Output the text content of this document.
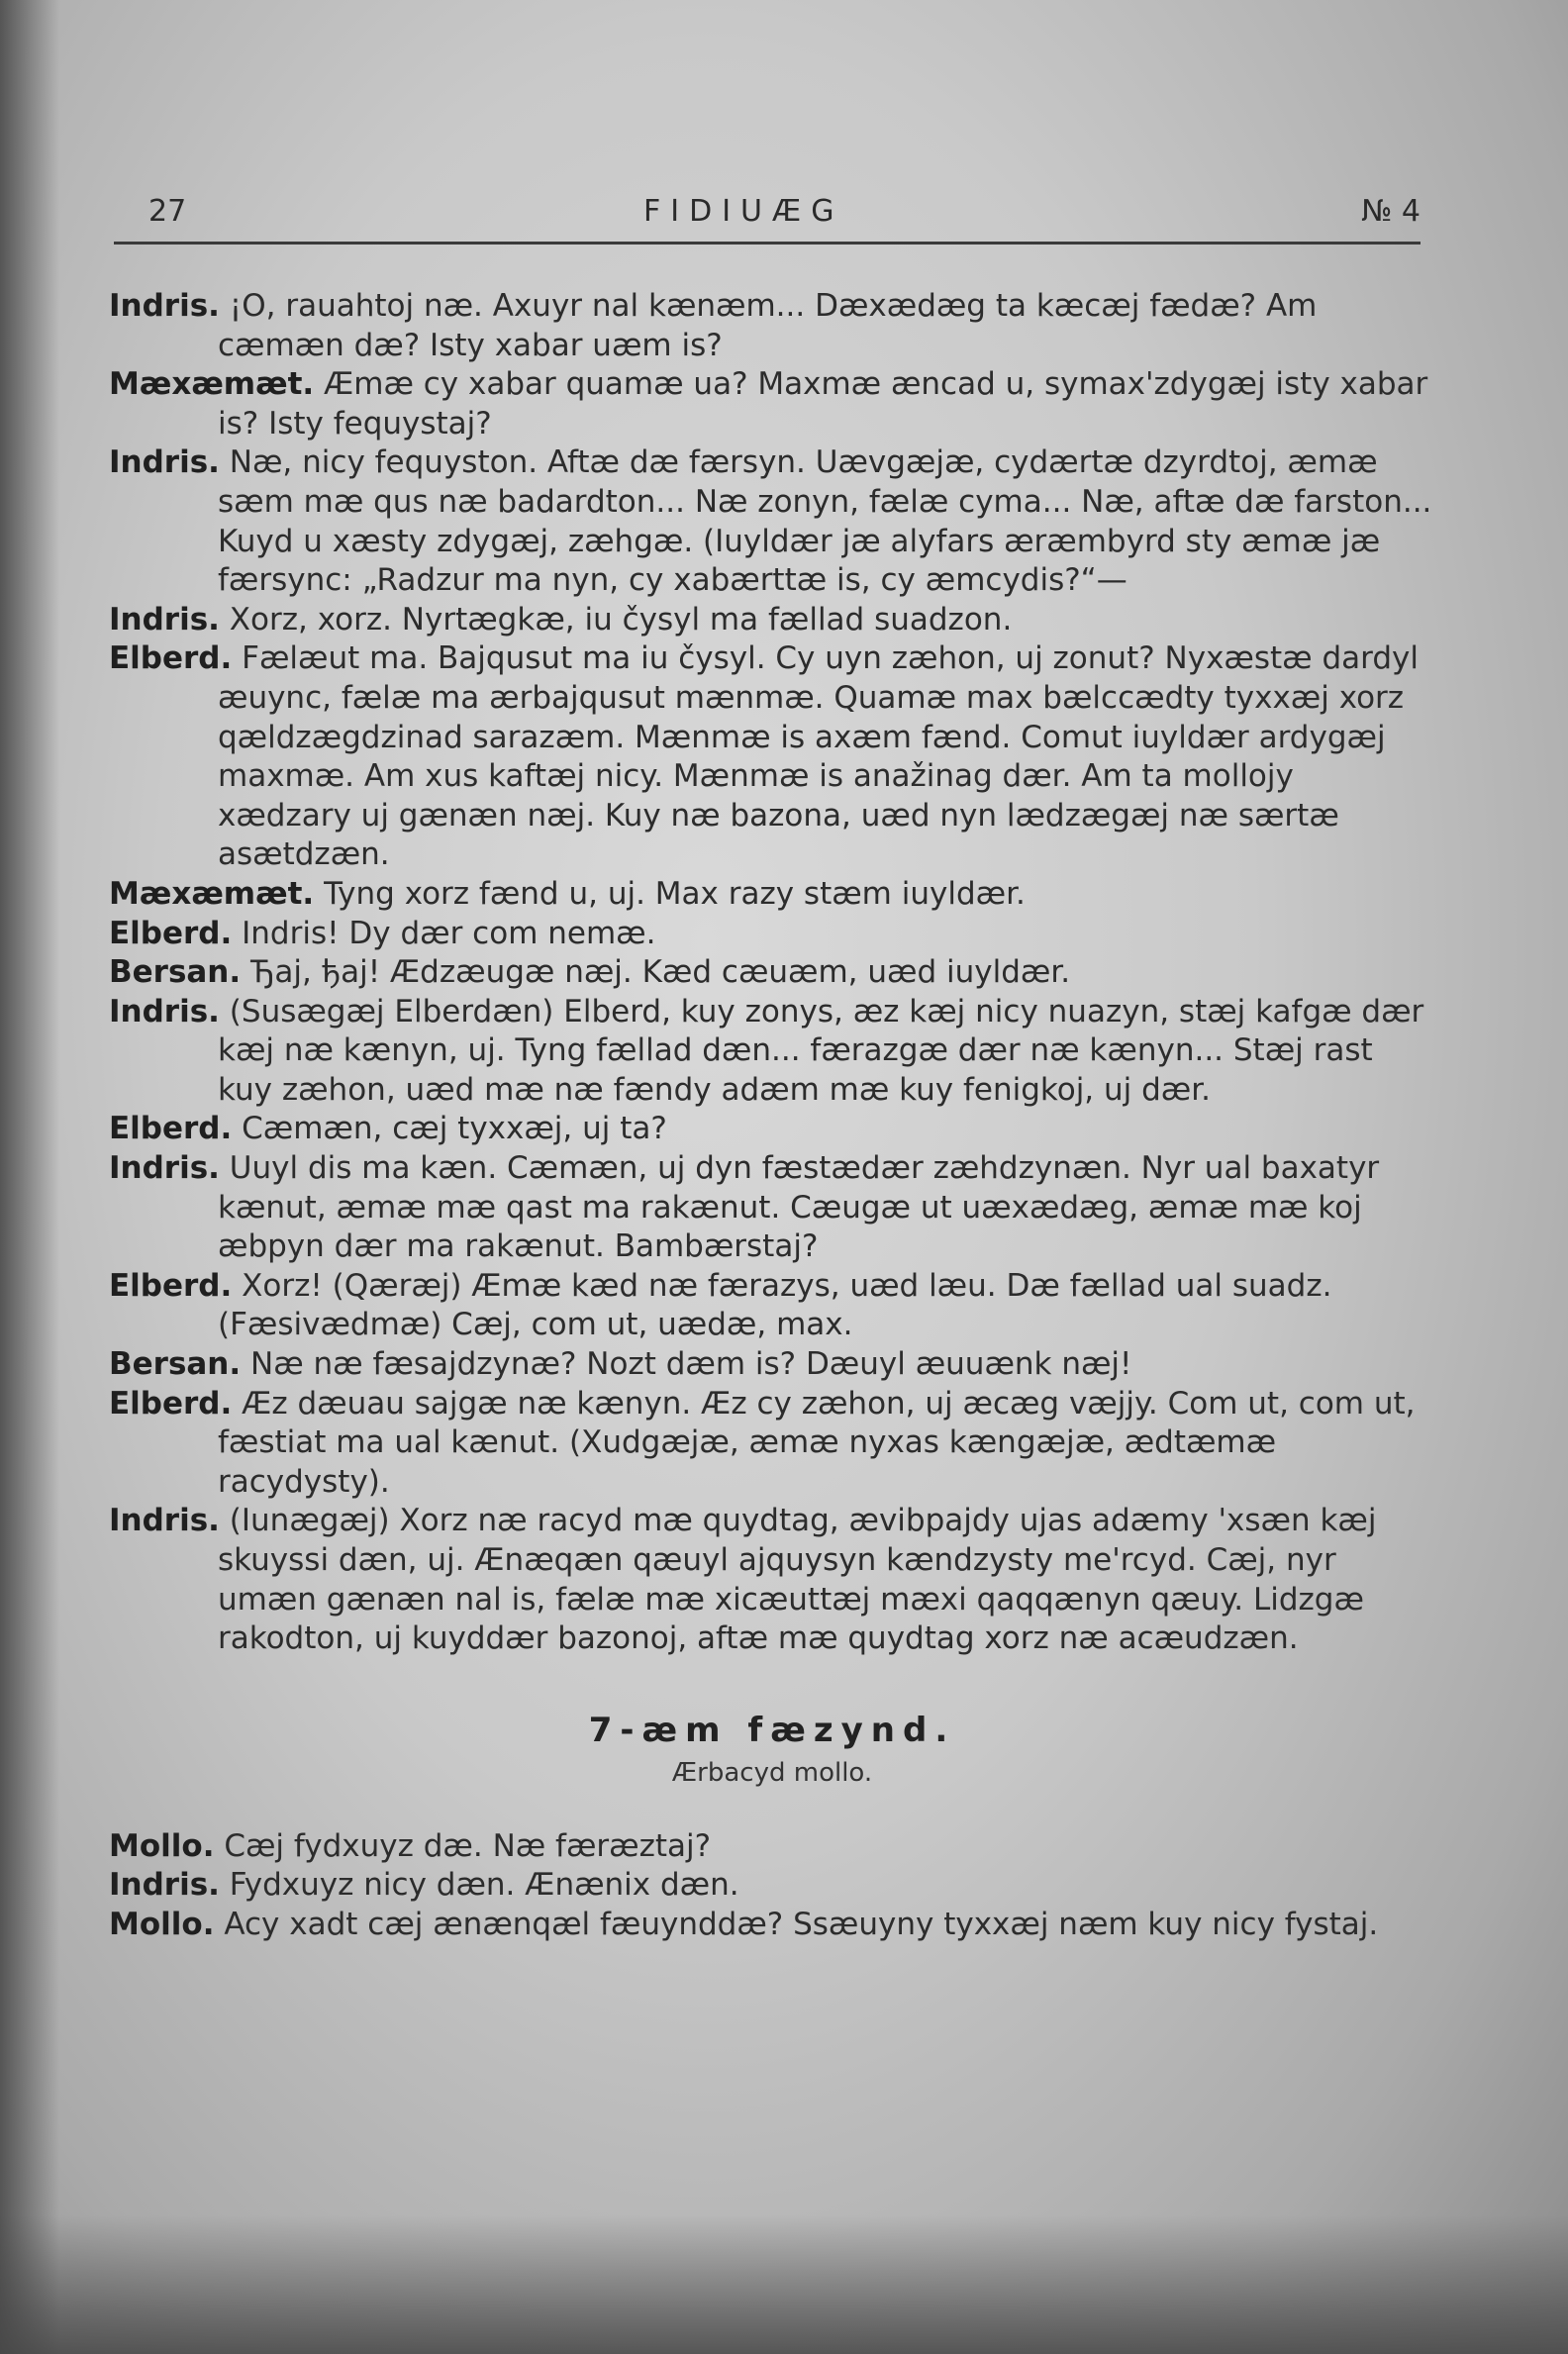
27	FIDIUÆG	№ 4
Indris. ¡O, rauahtoj næ. Axuyr nal kænæm... Dæxædæg ta kæcæj fædæ? Am cæmæn dæ? Isty xabar uæm is?
Mæxæmæt. Æmæ cy xabar quamæ ua? Maxmæ æncad u, symax'zdygæj isty xabar is? Isty fequystaj?
Indris. Næ, nicy fequyston. Aftæ dæ færsyn. Uævgæjæ, cydærtæ dzyrdtoj, æmæ sæm mæ qus næ badardton... Næ zonyn, fælæ cyma... Næ, aftæ dæ farston... Kuyd u xæsty zdygæj, zæhgæ. (Iuyldær jæ alyfars æræmbyrd sty æmæ jæ færsync: „Radzur ma nyn, cy xabærttæ is, cy æmcydis?“—
Indris. Xorz, xorz. Nyrtægkæ, iu čysyl ma fællad suadzon.
Elberd. Fælæut ma. Bajqusut ma iu čysyl. Cy uyn zæhon, uj zonut? Nyxæstæ dardyl æuync, fælæ ma ærbajqusut mænmæ. Quamæ max bælccædty tyxxæj xorz qældzægdzinad sarazæm. Mænmæ is axæm fænd. Comut iuyldær ardygæj maxmæ. Am xus kaftæj nicy. Mænmæ is anažinag dær. Am ta mollojy xædzary uj gænæn næj. Kuy næ bazona, uæd nyn lædzægæj næ særtæ asætdzæn.
Mæxæmæt. Tyng xorz fænd u, uj. Max razy stæm iuyldær.
Elberd. Indris! Dy dær com nemæ.
Bersan. Ђaj, ђaj! Ædzæugæ næj. Kæd cæuæm, uæd iuyldær.
Indris. (Susægæj Elberdæn) Elberd, kuy zonys, æz kæj nicy nuazyn, stæj kafgæ dær kæj næ kænyn, uj. Tyng fællad dæn... færazgæ dær næ kænyn... Stæj rast kuy zæhon, uæd mæ næ fændy adæm mæ kuy fenigkoj, uj dær.
Elberd. Cæmæn, cæj tyxxæj, uj ta?
Indris. Uuyl dis ma kæn. Cæmæn, uj dyn fæstædær zæhdzynæn. Nyr ual baxatyr kænut, æmæ mæ qast ma rakænut. Cæugæ ut uæxædæg, æmæ mæ koj æbpyn dær ma rakænut. Bambærstaj?
Elberd. Xorz! (Qæræj) Æmæ kæd næ færazys, uæd læu. Dæ fællad ual suadz. (Fæsivædmæ) Cæj, com ut, uædæ, max.
Bersan. Næ næ fæsajdzynæ? Nozt dæm is? Dæuyl æuuænk næj!
Elberd. Æz dæuau sajgæ næ kænyn. Æz cy zæhon, uj æcæg væjjy. Com ut, com ut, fæstiat ma ual kænut. (Xudgæjæ, æmæ nyxas kængæjæ, ædtæmæ racydysty).
Indris. (Iunægæj) Xorz næ racyd mæ quydtag, ævibpajdy ujas adæmy 'xsæn kæj skuyssi dæn, uj. Ænæqæn qæuyl ajquysyn kændzysty me'rcyd. Cæj, nyr umæn gænæn nal is, fælæ mæ xicæuttæj mæxi qaqqænyn qæuy. Lidzgæ rakodton, uj kuyddær bazonoj, aftæ mæ quydtag xorz næ acæudzæn.
7-æm fæzynd.
Ærbacyd mollo.
Mollo. Cæj fydxuyz dæ. Næ færæztaj?
Indris. Fydxuyz nicy dæn. Ænænix dæn.
Mollo. Acy xadt cæj ænænqæl fæuynddæ? Ssæuyny tyxxæj næm kuy nicy fystaj.
